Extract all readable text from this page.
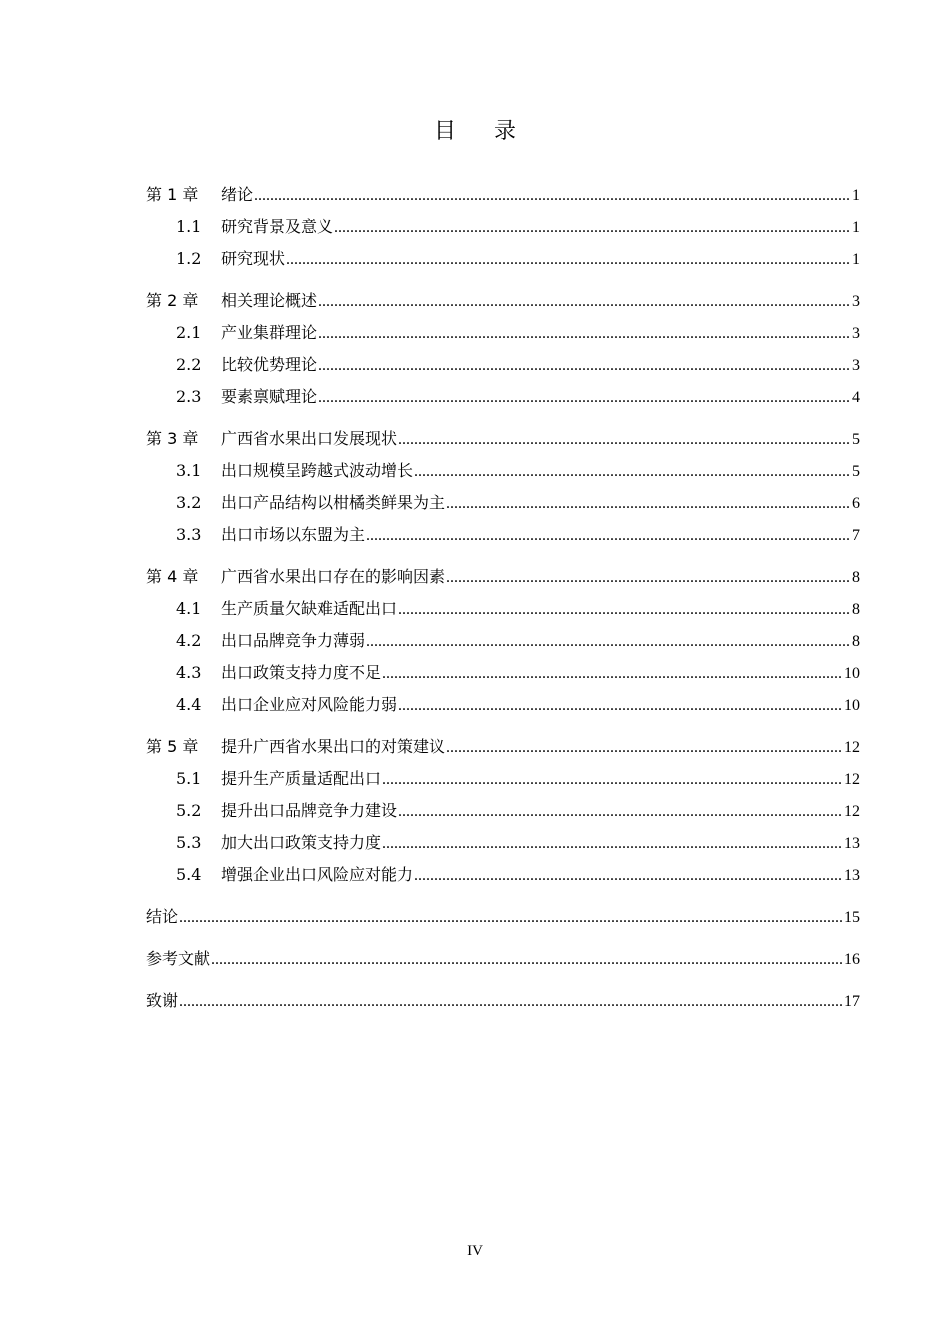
目录
第 1 章	绪论 .....	1
1.1	研究背景及意义 .....	1
1.2	研究现状 .....	1
第 2 章	相关理论概述 .....	3
2.1	产业集群理论 .....	3
2.2	比较优势理论 .....	3
2.3	要素禀赋理论 .....	4
第 3 章	广西省水果出口发展现状 .....	5
3.1	出口规模呈跨越式波动增长 .....	5
3.2	出口产品结构以柑橘类鲜果为主 .....	6
3.3	出口市场以东盟为主 .....	7
第 4 章	广西省水果出口存在的影响因素 .....	8
4.1	生产质量欠缺难适配出口 .....	8
4.2	出口品牌竞争力薄弱 .....	8
4.3	出口政策支持力度不足 .....	10
4.4	出口企业应对风险能力弱 .....	10
第 5 章	提升广西省水果出口的对策建议 .....	12
5.1	提升生产质量适配出口 .....	12
5.2	提升出口品牌竞争力建设 .....	12
5.3	加大出口政策支持力度 .....	13
5.4	增强企业出口风险应对能力 .....	13
结论 .....	15
参考文献 .....	16
致谢 .....	17
IV
